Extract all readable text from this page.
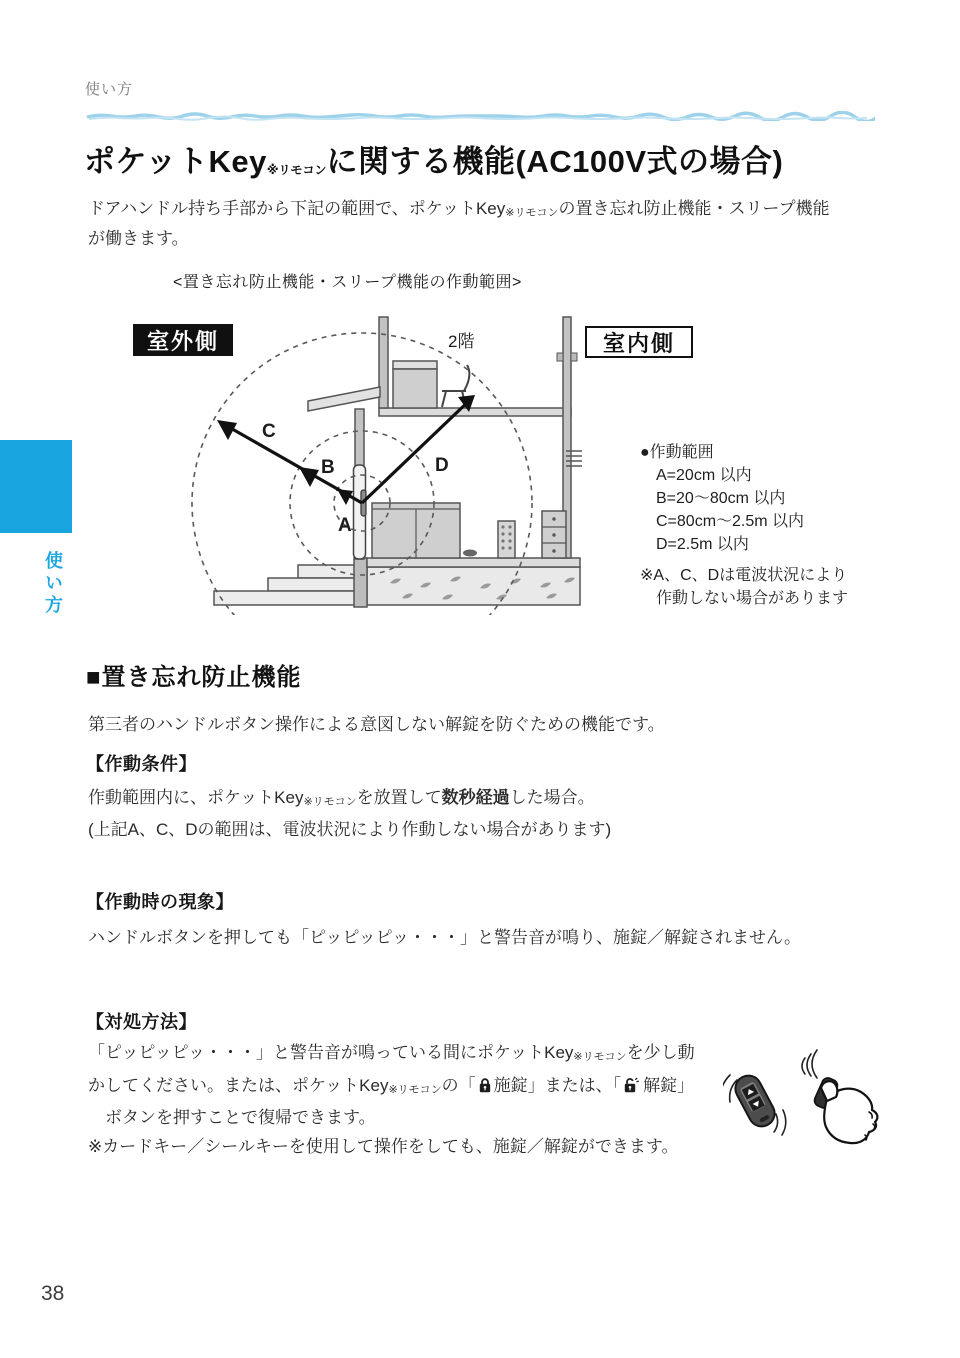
使い方
ポケットKey※リモコンに関する機能(AC100V式の場合)
ドアハンドル持ち手部から下記の範囲で、ポケットKey※リモコンの置き忘れ防止機能・スリープ機能
が働きます。
<置き忘れ防止機能・スリープ機能の作動範囲>
C
B
A
D
2階
室外側	室内側
●作動範囲
A=20cm 以内
B=20〜80cm 以内
C=80cm〜2.5m 以内
D=2.5m 以内
※A、C、Dは電波状況により
作動しない場合があります
使い方
■置き忘れ防止機能
第三者のハンドルボタン操作による意図しない解錠を防ぐための機能です。
【作動条件】
作動範囲内に、ポケットKey※リモコンを放置して数秒経過した場合。
(上記A、C、Dの範囲は、電波状況により作動しない場合があります)
【作動時の現象】
ハンドルボタンを押しても「ピッピッピッ・・・」と警告音が鳴り、施錠／解錠されません。
【対処方法】
「ピッピッピッ・・・」と警告音が鳴っている間にポケットKey※リモコンを少し動
かしてください。または、ポケットKey※リモコンの「 施錠」または、「 解錠」
ボタンを押すことで復帰できます。
※カードキー／シールキーを使用して操作をしても、施錠／解錠ができます。
38
